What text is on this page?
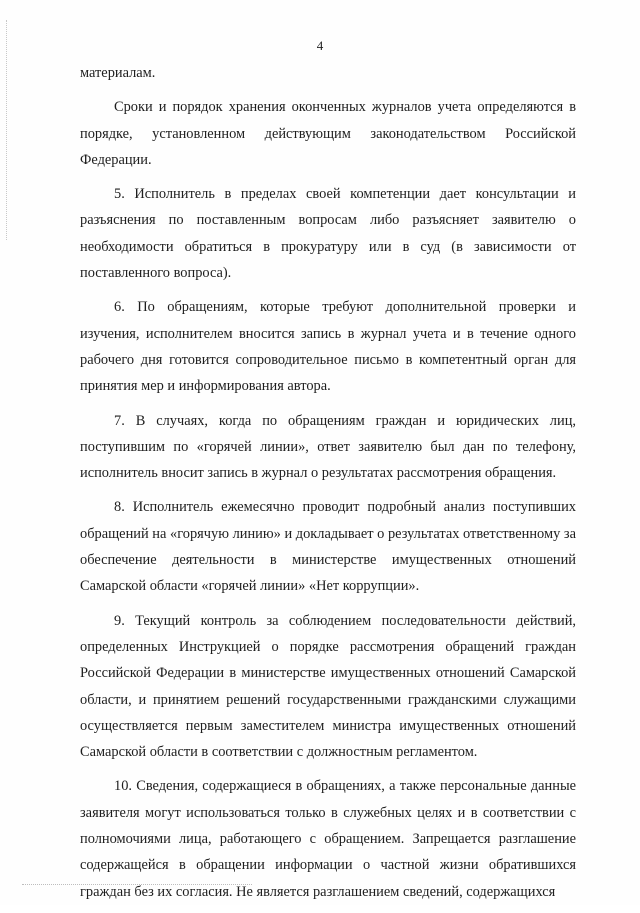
4

материалам.

Сроки и порядок хранения оконченных журналов учета определяются в порядке, установленном действующим законодательством Российской Федерации.

5. Исполнитель в пределах своей компетенции дает консультации и разъяснения по поставленным вопросам либо разъясняет заявителю о необходимости обратиться в прокуратуру или в суд (в зависимости от поставленного вопроса).

6. По обращениям, которые требуют дополнительной проверки и изучения, исполнителем вносится запись в журнал учета и в течение одного рабочего дня готовится сопроводительное письмо в компетентный орган для принятия мер и информирования автора.

7. В случаях, когда по обращениям граждан и юридических лиц, поступившим по «горячей линии», ответ заявителю был дан по телефону, исполнитель вносит запись в журнал о результатах рассмотрения обращения.

8. Исполнитель ежемесячно проводит подробный анализ поступивших обращений на «горячую линию» и докладывает о результатах ответственному за обеспечение деятельности в министерстве имущественных отношений Самарской области «горячей линии» «Нет коррупции».

9. Текущий контроль за соблюдением последовательности действий, определенных Инструкцией о порядке рассмотрения обращений граждан Российской Федерации в министерстве имущественных отношений Самарской области, и принятием решений государственными гражданскими служащими осуществляется первым заместителем министра имущественных отношений Самарской области в соответствии с должностным регламентом.

10. Сведения, содержащиеся в обращениях, а также персональные данные заявителя могут использоваться только в служебных целях и в соответствии с полномочиями лица, работающего с обращением. Запрещается разглашение содержащейся в обращении информации о частной жизни обратившихся граждан без их согласия. Не является разглашением сведений, содержащихся
